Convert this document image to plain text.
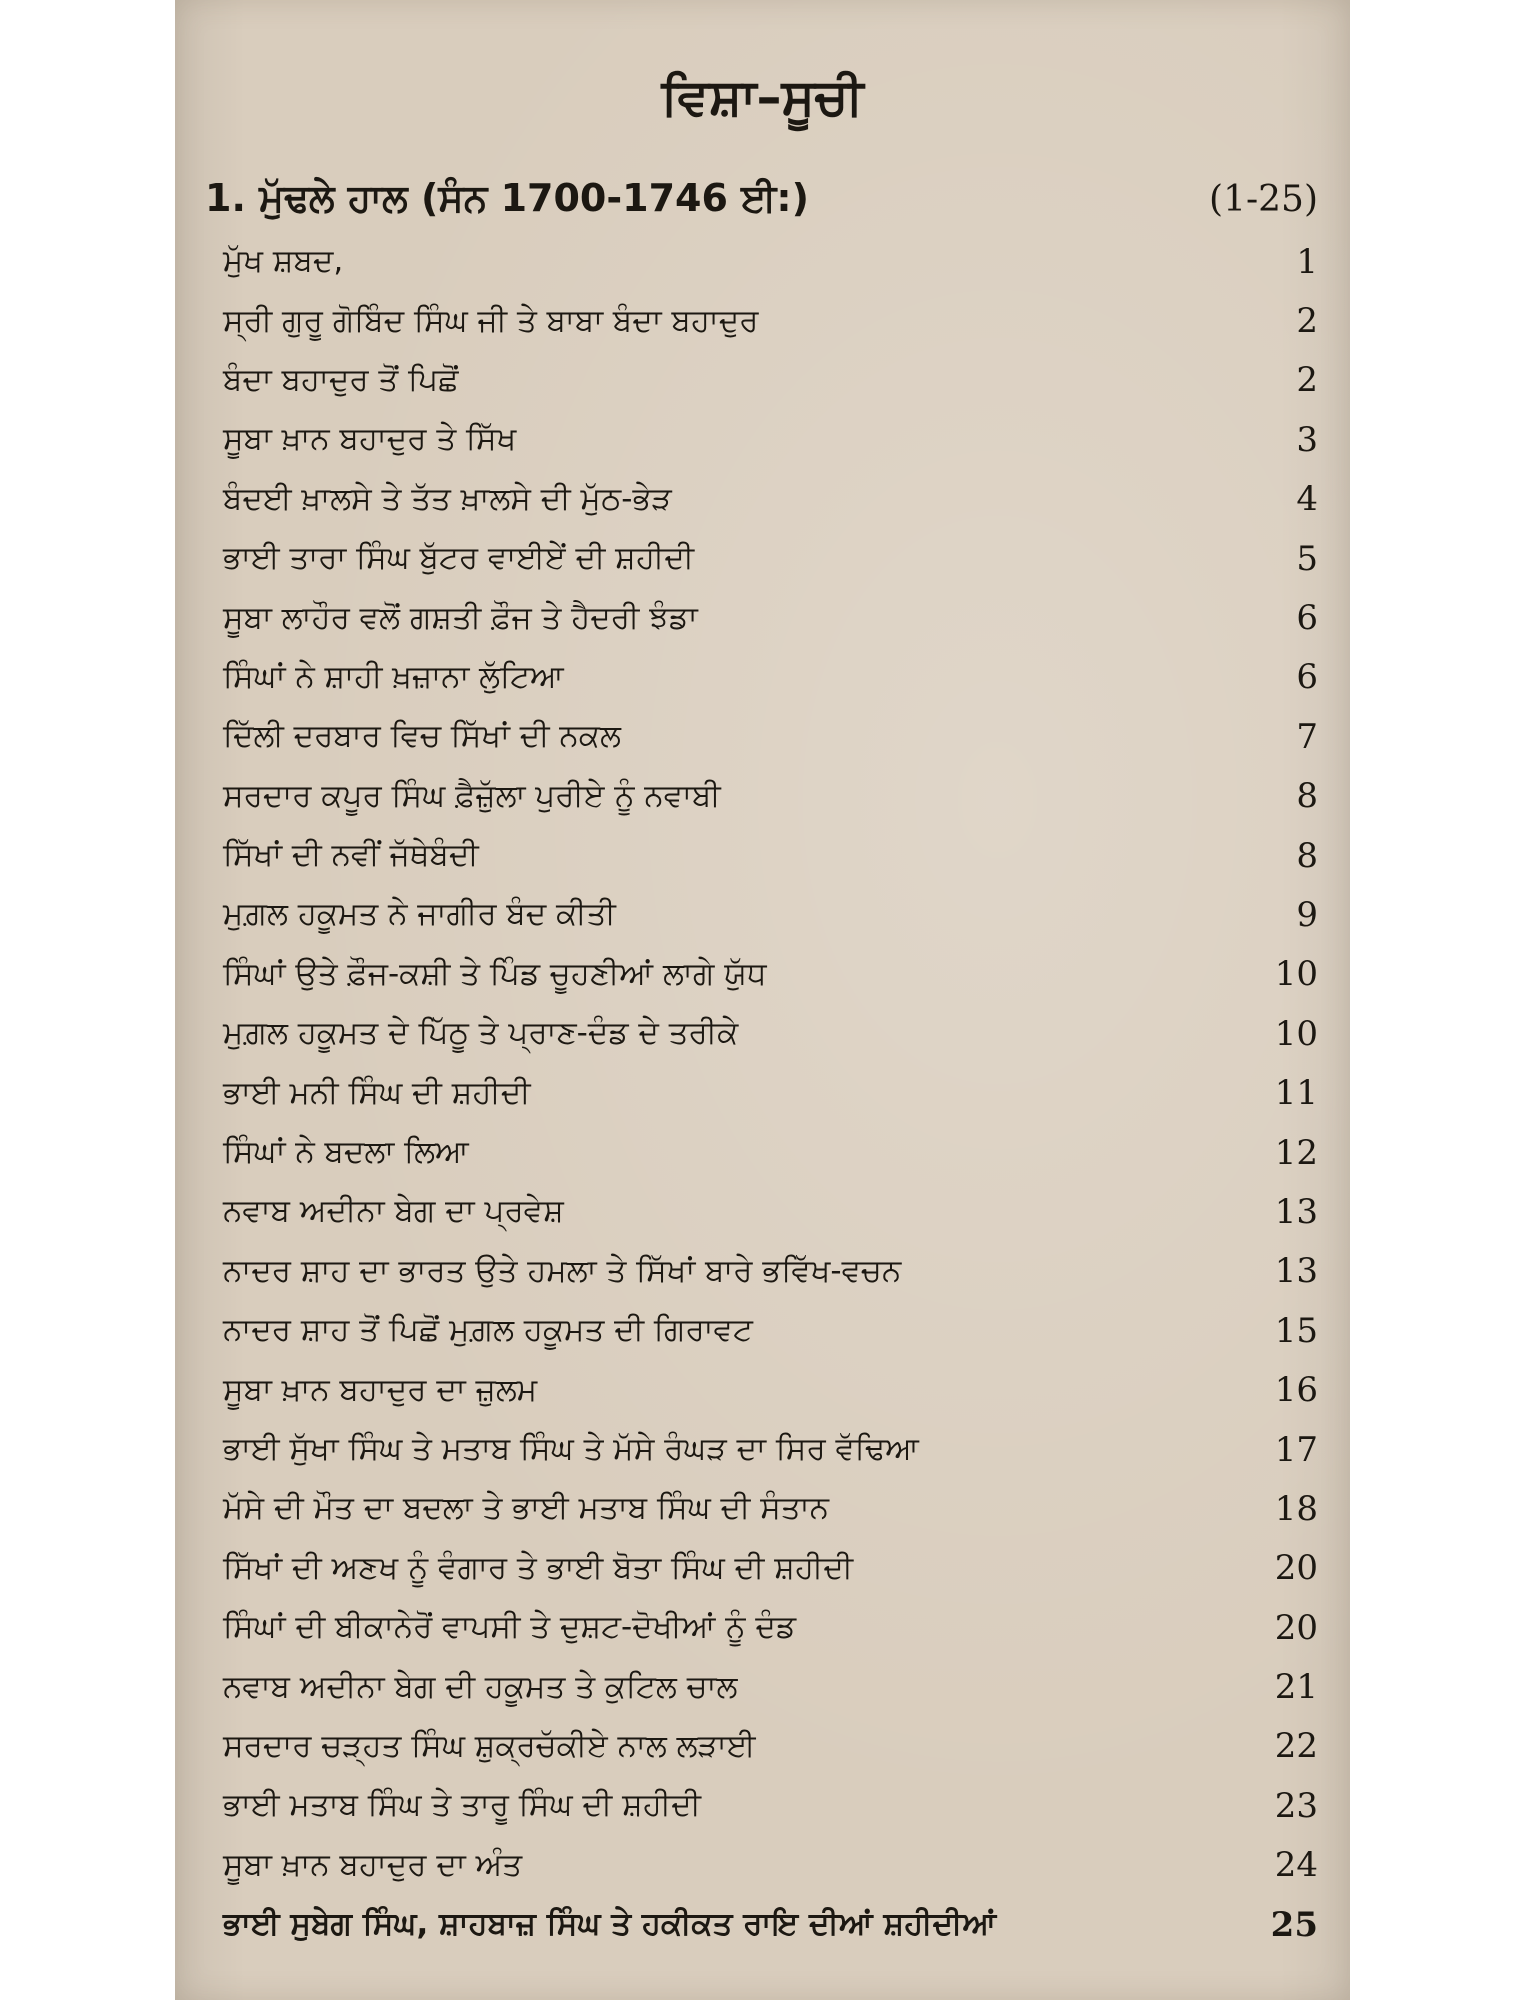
ਵਿਸ਼ਾ–ਸੂਚੀ
1. ਮੁੱਢਲੇ ਹਾਲ (ਸੰਨ 1700-1746 ਈ:)	(1-25)
ਮੁੱਖ ਸ਼ਬਦ,	1
ਸ੍ਰੀ ਗੁਰੂ ਗੋਬਿੰਦ ਸਿੰਘ ਜੀ ਤੇ ਬਾਬਾ ਬੰਦਾ ਬਹਾਦੁਰ	2
ਬੰਦਾ ਬਹਾਦੁਰ ਤੋਂ ਪਿਛੋਂ	2
ਸੂਬਾ ਖ਼ਾਨ ਬਹਾਦੁਰ ਤੇ ਸਿੱਖ	3
ਬੰਦਈ ਖ਼ਾਲਸੇ ਤੇ ਤੱਤ ਖ਼ਾਲਸੇ ਦੀ ਮੁੱਠ-ਭੇੜ	4
ਭਾਈ ਤਾਰਾ ਸਿੰਘ ਬੁੱਟਰ ਵਾਈਏਂ ਦੀ ਸ਼ਹੀਦੀ	5
ਸੂਬਾ ਲਾਹੌਰ ਵਲੋਂ ਗਸ਼ਤੀ ਫ਼ੌਜ ਤੇ ਹੈਦਰੀ ਝੰਡਾ	6
ਸਿੰਘਾਂ ਨੇ ਸ਼ਾਹੀ ਖ਼ਜ਼ਾਨਾ ਲੁੱਟਿਆ	6
ਦਿੱਲੀ ਦਰਬਾਰ ਵਿਚ ਸਿੱਖਾਂ ਦੀ ਨਕਲ	7
ਸਰਦਾਰ ਕਪੂਰ ਸਿੰਘ ਫ਼ੈਜ਼ੁੱਲਾ ਪੁਰੀਏ ਨੂੰ ਨਵਾਬੀ	8
ਸਿੱਖਾਂ ਦੀ ਨਵੀਂ ਜੱਥੇਬੰਦੀ	8
ਮੁਗ਼ਲ ਹਕੂਮਤ ਨੇ ਜਾਗੀਰ ਬੰਦ ਕੀਤੀ	9
ਸਿੰਘਾਂ ਉਤੇ ਫ਼ੌਜ-ਕਸ਼ੀ ਤੇ ਪਿੰਡ ਚੂਹਣੀਆਂ ਲਾਗੇ ਯੁੱਧ	10
ਮੁਗ਼ਲ ਹਕੂਮਤ ਦੇ ਪਿੱਠੂ ਤੇ ਪ੍ਰਾਣ-ਦੰਡ ਦੇ ਤਰੀਕੇ	10
ਭਾਈ ਮਨੀ ਸਿੰਘ ਦੀ ਸ਼ਹੀਦੀ	11
ਸਿੰਘਾਂ ਨੇ ਬਦਲਾ ਲਿਆ	12
ਨਵਾਬ ਅਦੀਨਾ ਬੇਗ ਦਾ ਪ੍ਰਵੇਸ਼	13
ਨਾਦਰ ਸ਼ਾਹ ਦਾ ਭਾਰਤ ਉਤੇ ਹਮਲਾ ਤੇ ਸਿੱਖਾਂ ਬਾਰੇ ਭਵਿੱਖ-ਵਚਨ	13
ਨਾਦਰ ਸ਼ਾਹ ਤੋਂ ਪਿਛੋਂ ਮੁਗ਼ਲ ਹਕੂਮਤ ਦੀ ਗਿਰਾਵਟ	15
ਸੂਬਾ ਖ਼ਾਨ ਬਹਾਦੁਰ ਦਾ ਜ਼ੁਲਮ	16
ਭਾਈ ਸੁੱਖਾ ਸਿੰਘ ਤੇ ਮਤਾਬ ਸਿੰਘ ਤੇ ਮੱਸੇ ਰੰਘੜ ਦਾ ਸਿਰ ਵੱਢਿਆ	17
ਮੱਸੇ ਦੀ ਮੌਤ ਦਾ ਬਦਲਾ ਤੇ ਭਾਈ ਮਤਾਬ ਸਿੰਘ ਦੀ ਸੰਤਾਨ	18
ਸਿੱਖਾਂ ਦੀ ਅਣਖ ਨੂੰ ਵੰਗਾਰ ਤੇ ਭਾਈ ਬੋਤਾ ਸਿੰਘ ਦੀ ਸ਼ਹੀਦੀ	20
ਸਿੰਘਾਂ ਦੀ ਬੀਕਾਨੇਰੋਂ ਵਾਪਸੀ ਤੇ ਦੁਸ਼ਟ-ਦੋਖੀਆਂ ਨੂੰ ਦੰਡ	20
ਨਵਾਬ ਅਦੀਨਾ ਬੇਗ ਦੀ ਹਕੂਮਤ ਤੇ ਕੁਟਿਲ ਚਾਲ	21
ਸਰਦਾਰ ਚੜ੍ਹਤ ਸਿੰਘ ਸ਼ੁਕ੍ਰਚੱਕੀਏ ਨਾਲ ਲੜਾਈ	22
ਭਾਈ ਮਤਾਬ ਸਿੰਘ ਤੇ ਤਾਰੂ ਸਿੰਘ ਦੀ ਸ਼ਹੀਦੀ	23
ਸੂਬਾ ਖ਼ਾਨ ਬਹਾਦੁਰ ਦਾ ਅੰਤ	24
ਭਾਈ ਸੁਬੇਗ ਸਿੰਘ, ਸ਼ਾਹਬਾਜ਼ ਸਿੰਘ ਤੇ ਹਕੀਕਤ ਰਾਇ ਦੀਆਂ ਸ਼ਹੀਦੀਆਂ	25
